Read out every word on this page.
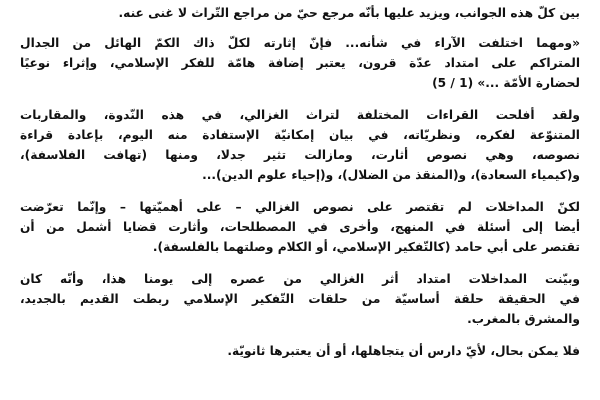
بين كلّ هذه الجوانب، ويزيد عليها بأنّه مرجع حيّ من مراجع التّراث لا غنى عنه.
«ومهما اختلفت الآراء في شأنه... فإنّ إثارته لكلّ ذاك الكمّ الهائل من الجدال
المتراكم على امتداد عدّة قرون، يعتبر إضافة هامّة للفكر الإسلامي، وإثراء نوعيًا
لحضارة الأمّة ...» (1 / 5)
ولقد أفلحت القراءات المختلفة لتراث الغزالي، في هذه النّدوة، والمقاربات
المتنوّعة لفكره، ونظريّاته، في بيان إمكانيّة الإستفادة منه اليوم، بإعادة قراءة
نصوصه، وهي نصوص أثارت، ومازالت تثير جدلا، ومنها (تهافت الفلاسفة)،
و(كيمياء السعادة)، و(المنقذ من الضلال)، و(إحياء علوم الدين)...
لكنّ المداخلات لم تقتصر على نصوص الغزالي – على أهميّتها – وإنّما تعرّضت
أيضا إلى أسئلة في المنهج، وأخرى في المصطلحات، وأثارت قضايا أشمل من أن
تقتصر على أبي حامد (كالتّفكير الإسلامي، أو الكلام وصلتهما بالفلسفة).
وبيّنت المداخلات امتداد أثر الغزالي من عصره إلى يومنا هذا، وأنّه كان
في الحقيقة حلقة أساسيّة من حلقات التّفكير الإسلامي ربطت القديم بالجديد،
والمشرق بالمغرب.
فلا يمكن بحال، لأيّ دارس أن يتجاهلها، أو أن يعتبرها ثانويّة.
